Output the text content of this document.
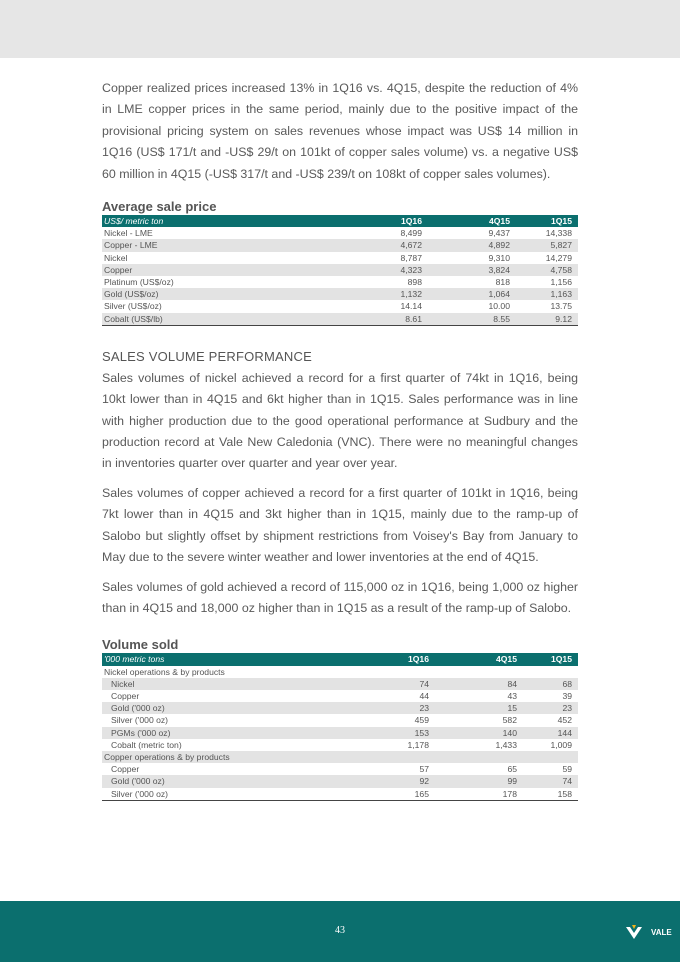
Copper realized prices increased 13% in 1Q16 vs. 4Q15, despite the reduction of 4% in LME copper prices in the same period, mainly due to the positive impact of the provisional pricing system on sales revenues whose impact was US$ 14 million in 1Q16 (US$ 171/t and -US$ 29/t on 101kt of copper sales volume) vs. a negative US$ 60 million in 4Q15 (-US$ 317/t and -US$ 239/t on 108kt of copper sales volumes).

Average sale price
US$/ metric ton	1Q16	4Q15	1Q15
Nickel - LME	8,499	9,437	14,338
Copper - LME	4,672	4,892	5,827
Nickel	8,787	9,310	14,279
Copper	4,323	3,824	4,758
Platinum (US$/oz)	898	818	1,156
Gold (US$/oz)	1,132	1,064	1,163
Silver (US$/oz)	14.14	10.00	13.75
Cobalt (US$/lb)	8.61	8.55	9.12
SALES VOLUME PERFORMANCE

Sales volumes of nickel achieved a record for a first quarter of 74kt in 1Q16, being 10kt lower than in 4Q15 and 6kt higher than in 1Q15. Sales performance was in line with higher production due to the good operational performance at Sudbury and the production record at Vale New Caledonia (VNC). There were no meaningful changes in inventories quarter over quarter and year over year.

Sales volumes of copper achieved a record for a first quarter of 101kt in 1Q16, being 7kt lower than in 4Q15 and 3kt higher than in 1Q15, mainly due to the ramp-up of Salobo but slightly offset by shipment restrictions from Voisey's Bay from January to May due to the severe winter weather and lower inventories at the end of 4Q15.

Sales volumes of gold achieved a record of 115,000 oz in 1Q16, being 1,000 oz higher than in 4Q15 and 18,000 oz higher than in 1Q15 as a result of the ramp-up of Salobo.

Volume sold
'000 metric tons	1Q16	4Q15	1Q15
Nickel operations & by products			
Nickel	74	84	68
Copper	44	43	39
Gold ('000 oz)	23	15	23
Silver ('000 oz)	459	582	452
PGMs ('000 oz)	153	140	144
Cobalt (metric ton)	1,178	1,433	1,009
Copper operations & by products			
Copper	57	65	59
Gold ('000 oz)	92	99	74
Silver ('000 oz)	165	178	158
43	VALE
